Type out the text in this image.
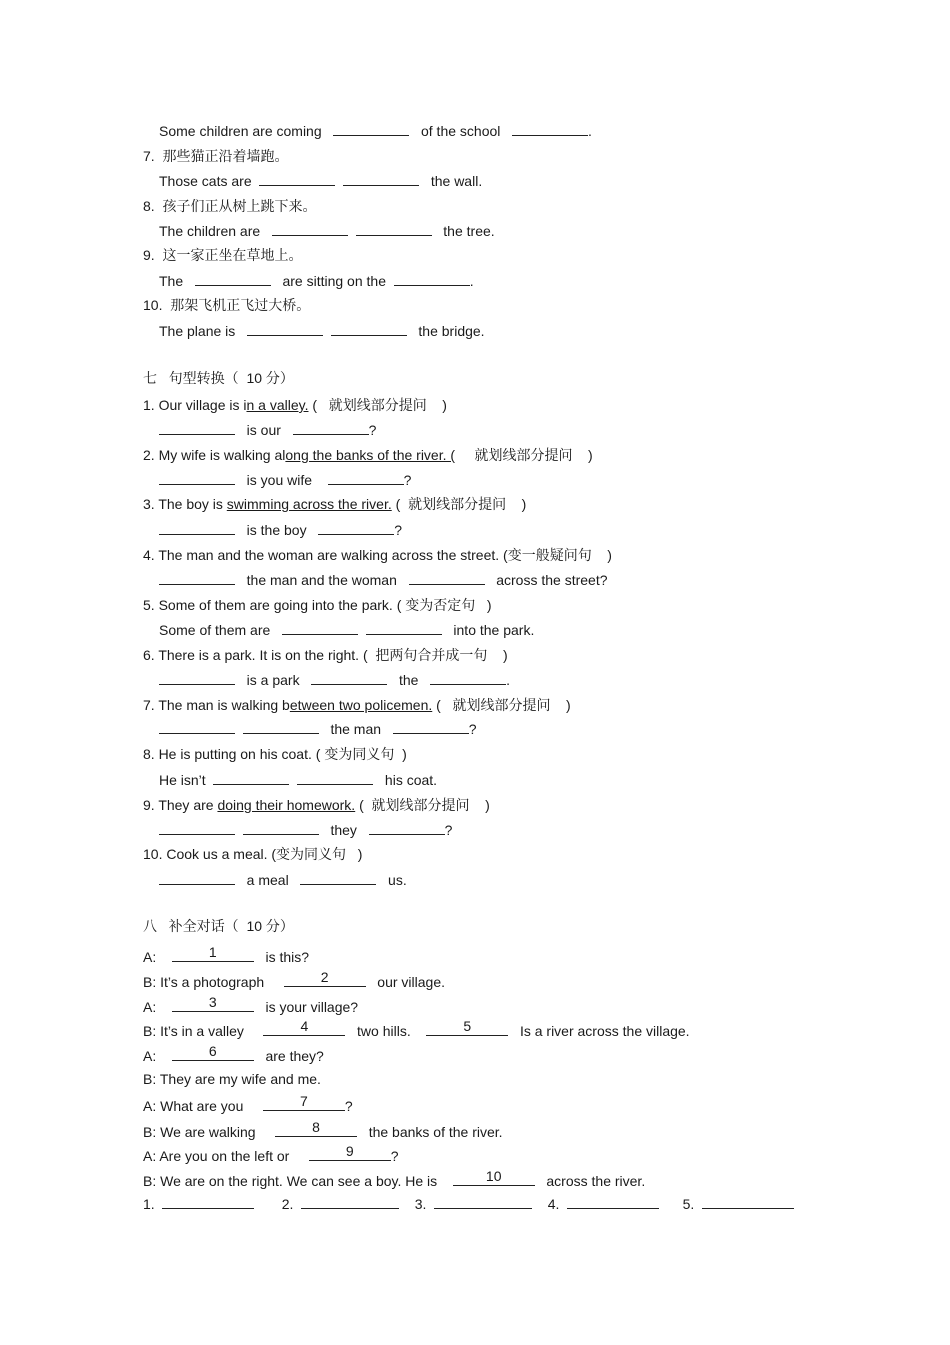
Some children are coming	of the school	.
7.  那些猫正沿着墙跑。
Those cats are	the wall.
8.  孩子们正从树上跳下来。
The children are	the tree.
9.  这一家正坐在草地上。
The	are sitting on the	.
10.  那架飞机正飞过大桥。
The plane is	the bridge.
七   句型转换（  10 分）
1. Our village is in a valley. (   就划线部分提问    )
is our	?
2. My wife is walking along the banks of the river. (     就划线部分提问    )
is you wife	?
3. The boy is swimming across the river. (  就划线部分提问    )
is the boy	?
4. The man and the woman are walking across the street. (变一般疑问句    )
the man and the woman	across the street?
5. Some of them are going into the park. ( 变为否定句   )
Some of them are	into the park.
6. There is a park. It is on the right. (  把两句合并成一句    )
is a park	the	.
7. The man is walking between two policemen. (   就划线部分提问    )
the man	?
8. He is putting on his coat. ( 变为同义句  )
He isn’t	his coat.
9. They are doing their homework. (  就划线部分提问    )
they	?
10. Cook us a meal. (变为同义句   )
a meal	us.
八   补全对话（  10 分）
A:	1	is this?
B: It’s a photograph	2	our village.
A:	3	is your village?
B: It’s in a valley	4	two hills.	5	Is a river across the village.
A:	6	are they?
B: They are my wife and me.
A: What are you	7	?
B: We are walking	8	the banks of the river.
A: Are you on the left or	9	?
B: We are on the right. We can see a boy. He is	10	across the river.
1.	2.	3.	4.	5.
